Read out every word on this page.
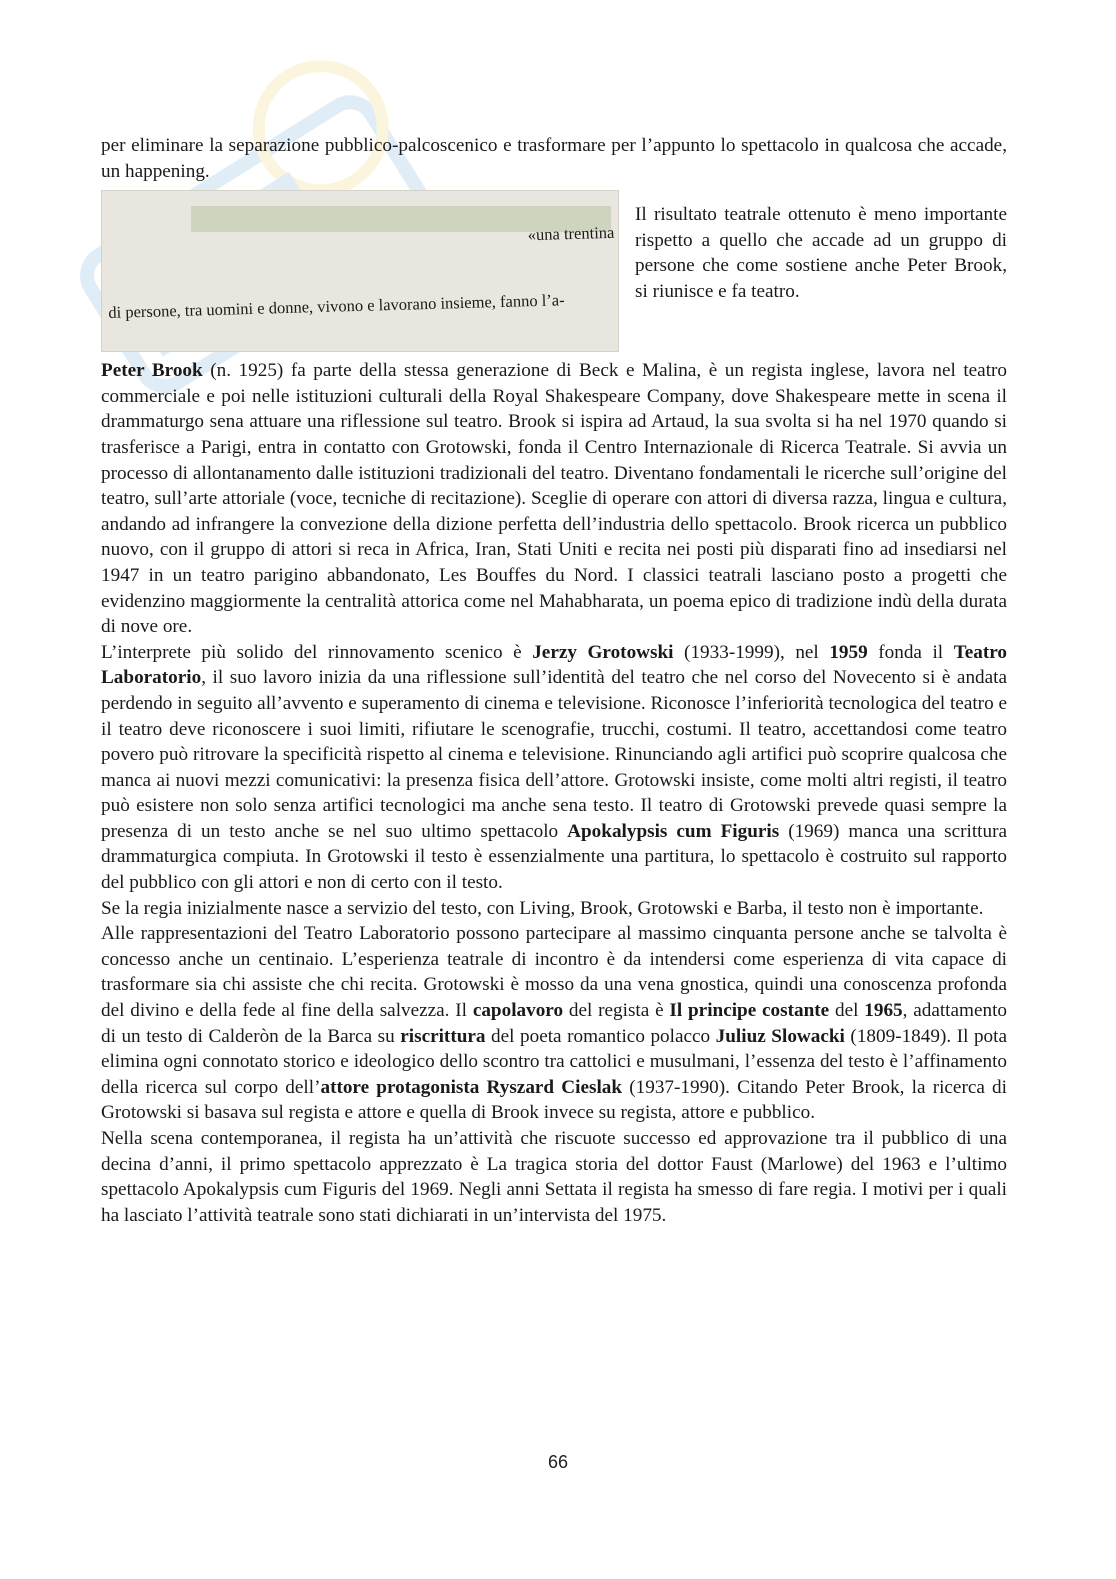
per eliminare la separazione pubblico-palcoscenico e trasformare per l’appunto lo spettacolo in qualcosa che accade, un happening.

«una trentina

di persone, tra uomini e donne, vivono e lavorano insieme, fanno l’a-

Il risultato teatrale ottenuto è meno importante rispetto a quello che accade ad un gruppo di persone che come sostiene anche Peter Brook, si riunisce e fa teatro.

Peter Brook (n. 1925) fa parte della stessa generazione di Beck e Malina, è un regista inglese, lavora nel teatro commerciale e poi nelle istituzioni culturali della Royal Shakespeare Company, dove Shakespeare mette in scena il drammaturgo sena attuare una riflessione sul teatro. Brook si ispira ad Artaud, la sua svolta si ha nel 1970 quando si trasferisce a Parigi, entra in contatto con Grotowski, fonda il Centro Internazionale di Ricerca Teatrale. Si avvia un processo di allontanamento dalle istituzioni tradizionali del teatro. Diventano fondamentali le ricerche sull’origine del teatro, sull’arte attoriale (voce, tecniche di recitazione). Sceglie di operare con attori di diversa razza, lingua e cultura, andando ad infrangere la convezione della dizione perfetta dell’industria dello spettacolo. Brook ricerca un pubblico nuovo, con il gruppo di attori si reca in Africa, Iran, Stati Uniti e recita nei posti più disparati fino ad insediarsi nel 1947 in un teatro parigino abbandonato, Les Bouffes du Nord. I classici teatrali lasciano posto a progetti che evidenzino maggiormente la centralità attorica come nel Mahabharata, un poema epico di tradizione indù della durata di nove ore.

L’interprete più solido del rinnovamento scenico è Jerzy Grotowski (1933-1999), nel 1959 fonda il Teatro Laboratorio, il suo lavoro inizia da una riflessione sull’identità del teatro che nel corso del Novecento si è andata perdendo in seguito all’avvento e superamento di cinema e televisione. Riconosce l’inferiorità tecnologica del teatro e il teatro deve riconoscere i suoi limiti, rifiutare le scenografie, trucchi, costumi. Il teatro, accettandosi come teatro povero può ritrovare la specificità rispetto al cinema e televisione. Rinunciando agli artifici può scoprire qualcosa che manca ai nuovi mezzi comunicativi: la presenza fisica dell’attore. Grotowski insiste, come molti altri registi, il teatro può esistere non solo senza artifici tecnologici ma anche sena testo. Il teatro di Grotowski prevede quasi sempre la presenza di un testo anche se nel suo ultimo spettacolo Apokalypsis cum Figuris (1969) manca una scrittura drammaturgica compiuta. In Grotowski il testo è essenzialmente una partitura, lo spettacolo è costruito sul rapporto del pubblico con gli attori e non di certo con il testo.

Se la regia inizialmente nasce a servizio del testo, con Living, Brook, Grotowski e Barba, il testo non è importante.

Alle rappresentazioni del Teatro Laboratorio possono partecipare al massimo cinquanta persone anche se talvolta è concesso anche un centinaio. L’esperienza teatrale di incontro è da intendersi come esperienza di vita capace di trasformare sia chi assiste che chi recita. Grotowski è mosso da una vena gnostica, quindi una conoscenza profonda del divino e della fede al fine della salvezza. Il capolavoro del regista è Il principe costante del 1965, adattamento di un testo di Calderòn de la Barca su riscrittura del poeta romantico polacco Juliuz Slowacki (1809-1849). Il pota elimina ogni connotato storico e ideologico dello scontro tra cattolici e musulmani, l’essenza del testo è l’affinamento della ricerca sul corpo dell’attore protagonista Ryszard Cieslak (1937-1990). Citando Peter Brook, la ricerca di Grotowski si basava sul regista e attore e quella di Brook invece su regista, attore e pubblico.

Nella scena contemporanea, il regista ha un’attività che riscuote successo ed approvazione tra il pubblico di una decina d’anni, il primo spettacolo apprezzato è La tragica storia del dottor Faust (Marlowe) del 1963 e l’ultimo spettacolo Apokalypsis cum Figuris del 1969. Negli anni Settata il regista ha smesso di fare regia. I motivi per i quali ha lasciato l’attività teatrale sono stati dichiarati in un’intervista del 1975.

66
